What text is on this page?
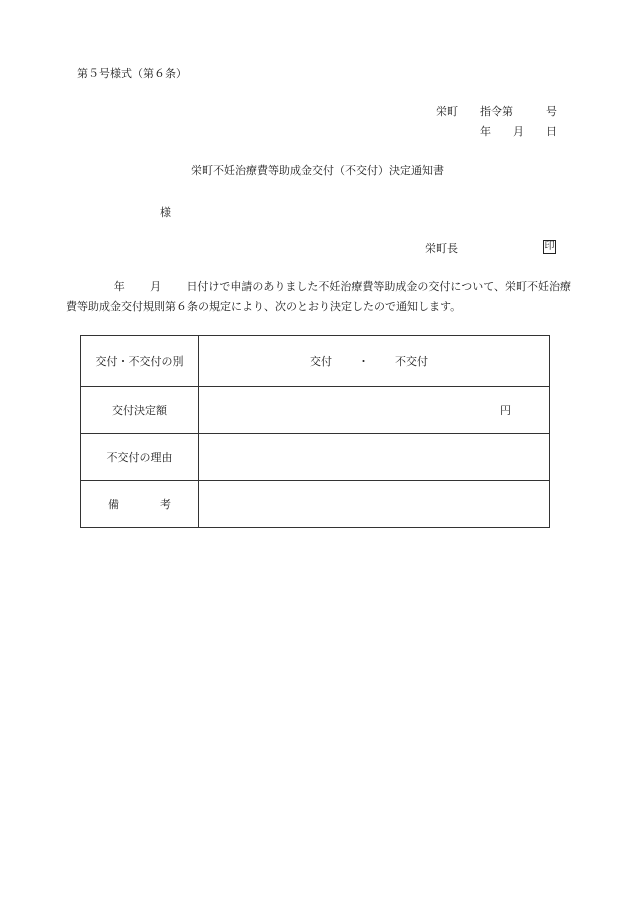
第５号様式（第６条）
栄町 指令第	号
年 月 日
栄町不妊治療費等助成金交付（不交付）決定通知書
様
栄町長	印
年 月 日付けで申請のありました不妊治療費等助成金の交付について、栄町不妊治療
費等助成金交付規則第６条の規定により、次のとおり決定したので通知します。
交付・不交付の別	交付 ・ 不交付

交付決定額	円

不交付の理由	

備 考	
